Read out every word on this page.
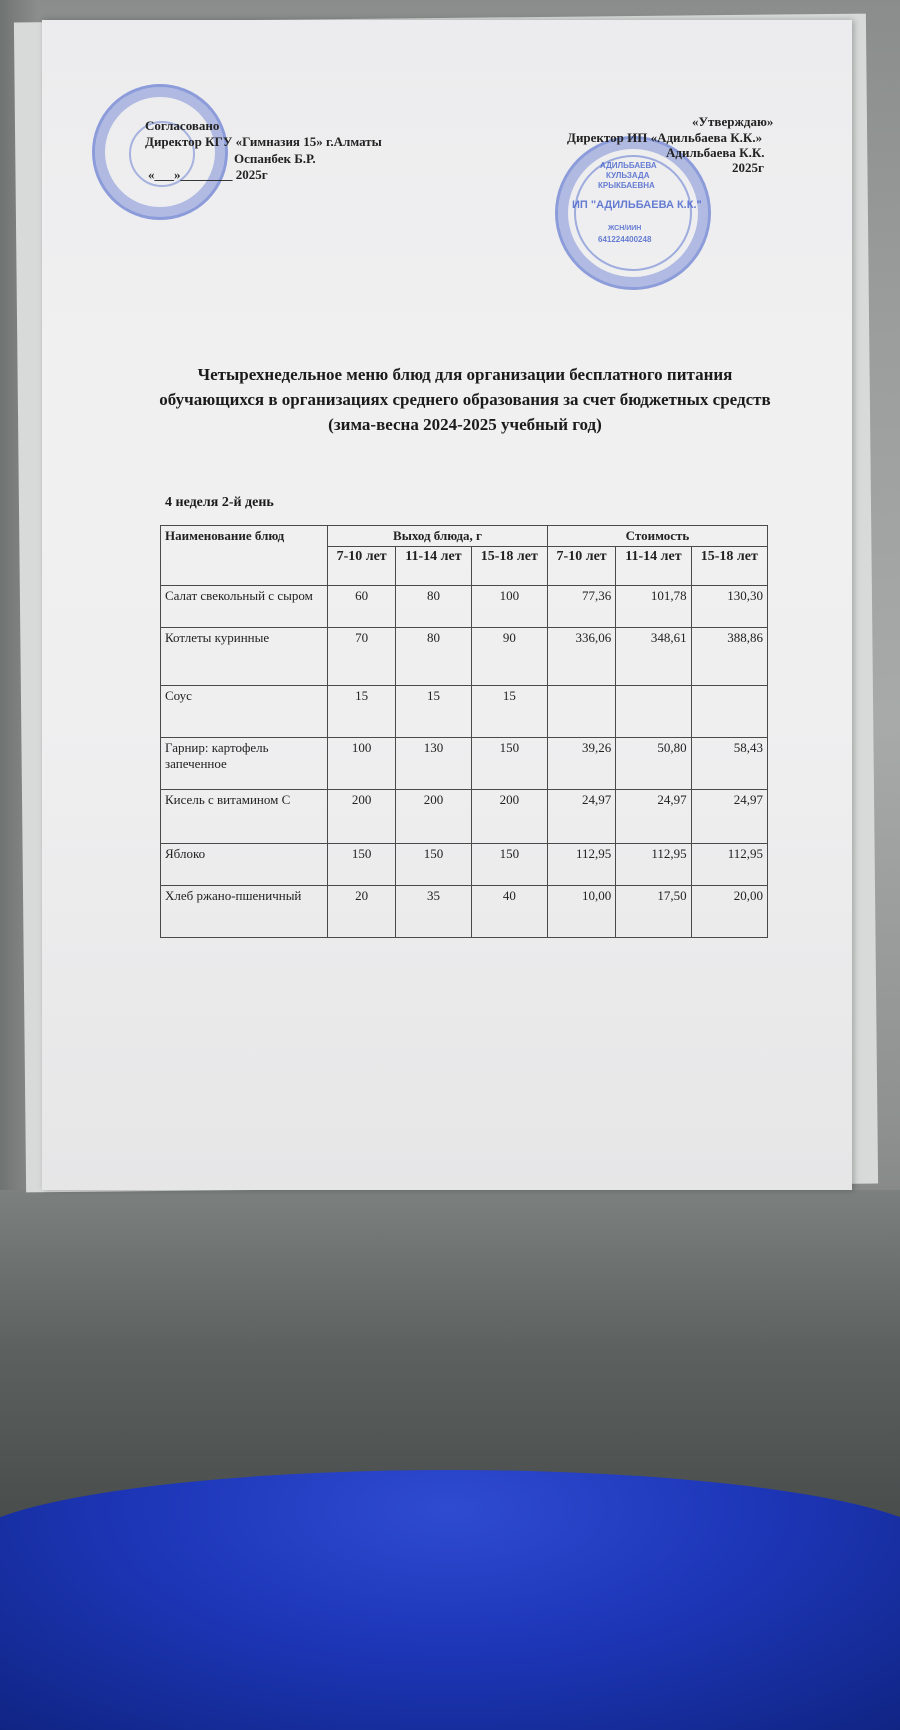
АДИЛЬБАЕВА
КУЛЬЗАДА
КРЫКБАЕВНА
ИП "АДИЛЬБАЕВА К.К."
ЖСН/ИИН
641224400248
Согласовано
Директор КГУ «Гимназия 15» г.Алматы
Оспанбек Б.Р.
«___»________ 2025г
«Утверждаю»
Директор ИП «Адильбаева К.К.»
Адильбаева К.К.
2025г
Четырехнедельное меню блюд для организации бесплатного питания обучающихся в организациях среднего образования за счет бюджетных средств (зима-весна 2024-2025 учебный год)
4 неделя 2-й день
Наименование блюд	Выход блюда, г			Стоимость		
	7-10 лет	11-14 лет	15-18 лет	7-10 лет	11-14 лет	15-18 лет
Салат свекольный с сыром	60	80	100	77,36	101,78	130,30
Котлеты куринные	70	80	90	336,06	348,61	388,86
Соус	15	15	15			
Гарнир: картофель запеченное	100	130	150	39,26	50,80	58,43
Кисель с витамином С	200	200	200	24,97	24,97	24,97
Яблоко	150	150	150	112,95	112,95	112,95
Хлеб ржано-пшеничный	20	35	40	10,00	17,50	20,00
